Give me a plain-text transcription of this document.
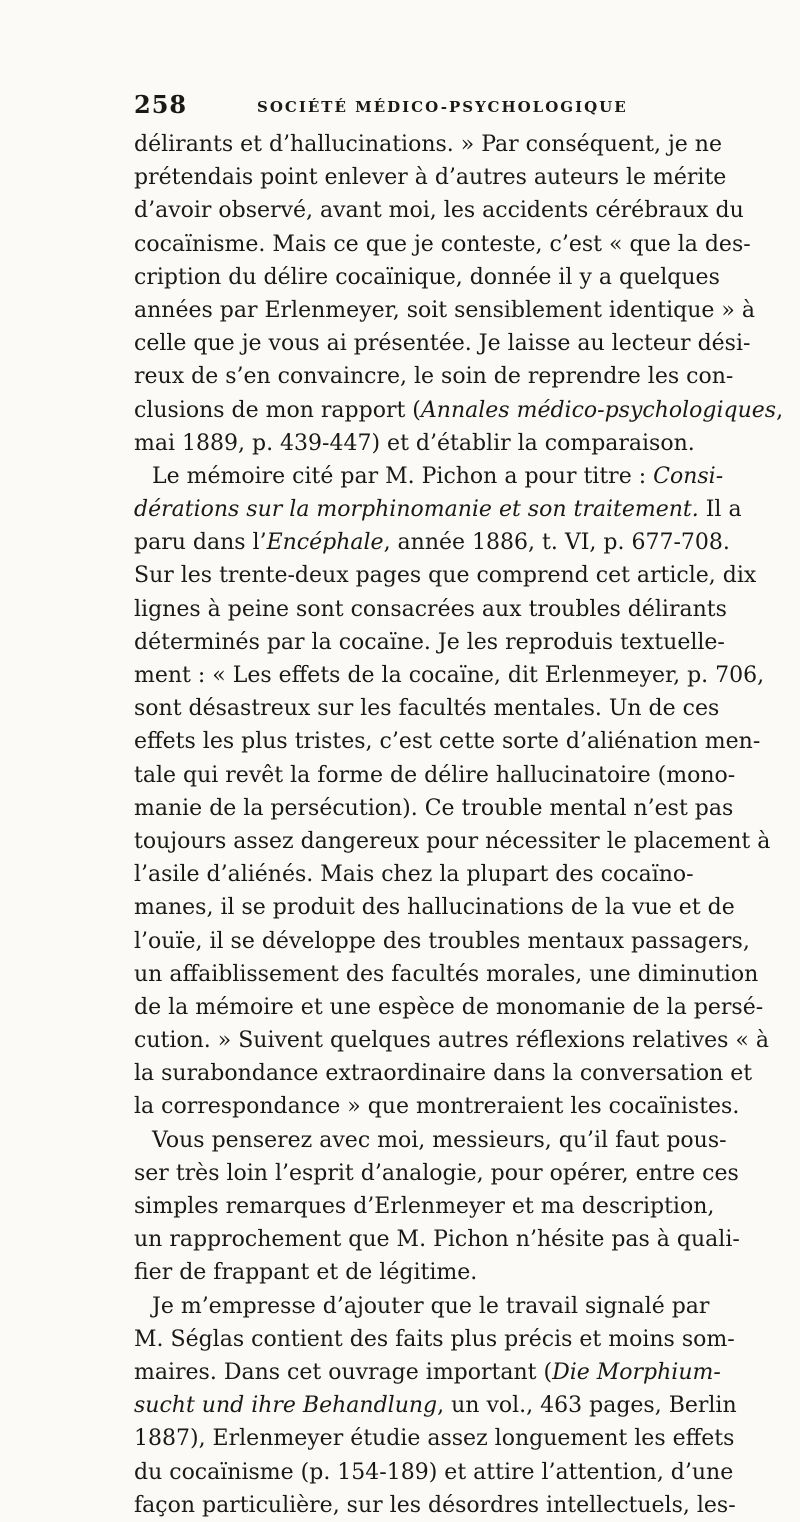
258	SOCIÉTÉ MÉDICO-PSYCHOLOGIQUE
délirants et d’hallucinations. » Par conséquent, je ne
prétendais point enlever à d’autres auteurs le mérite
d’avoir observé, avant moi, les accidents cérébraux du
cocaïnisme. Mais ce que je conteste, c’est « que la des-
cription du délire cocaïnique, donnée il y a quelques
années par Erlenmeyer, soit sensiblement identique » à
celle que je vous ai présentée. Je laisse au lecteur dési-
reux de s’en convaincre, le soin de reprendre les con-
clusions de mon rapport (Annales médico-psychologiques,
mai 1889, p. 439-447) et d’établir la comparaison.
Le mémoire cité par M. Pichon a pour titre : Consi-
dérations sur la morphinomanie et son traitement. Il a
paru dans l’Encéphale, année 1886, t. VI, p. 677-708.
Sur les trente-deux pages que comprend cet article, dix
lignes à peine sont consacrées aux troubles délirants
déterminés par la cocaïne. Je les reproduis textuelle-
ment : « Les effets de la cocaïne, dit Erlenmeyer, p. 706,
sont désastreux sur les facultés mentales. Un de ces
effets les plus tristes, c’est cette sorte d’aliénation men-
tale qui revêt la forme de délire hallucinatoire (mono-
manie de la persécution). Ce trouble mental n’est pas
toujours assez dangereux pour nécessiter le placement à
l’asile d’aliénés. Mais chez la plupart des cocaïno-
manes, il se produit des hallucinations de la vue et de
l’ouïe, il se développe des troubles mentaux passagers,
un affaiblissement des facultés morales, une diminution
de la mémoire et une espèce de monomanie de la persé-
cution. » Suivent quelques autres réflexions relatives « à
la surabondance extraordinaire dans la conversation et
la correspondance » que montreraient les cocaïnistes.
Vous penserez avec moi, messieurs, qu’il faut pous-
ser très loin l’esprit d’analogie, pour opérer, entre ces
simples remarques d’Erlenmeyer et ma description,
un rapprochement que M. Pichon n’hésite pas à quali-
fier de frappant et de légitime.
Je m’empresse d’ajouter que le travail signalé par
M. Séglas contient des faits plus précis et moins som-
maires. Dans cet ouvrage important (Die Morphium-
sucht und ihre Behandlung, un vol., 463 pages, Berlin
1887), Erlenmeyer étudie assez longuement les effets
du cocaïnisme (p. 154-189) et attire l’attention, d’une
façon particulière, sur les désordres intellectuels, les-
